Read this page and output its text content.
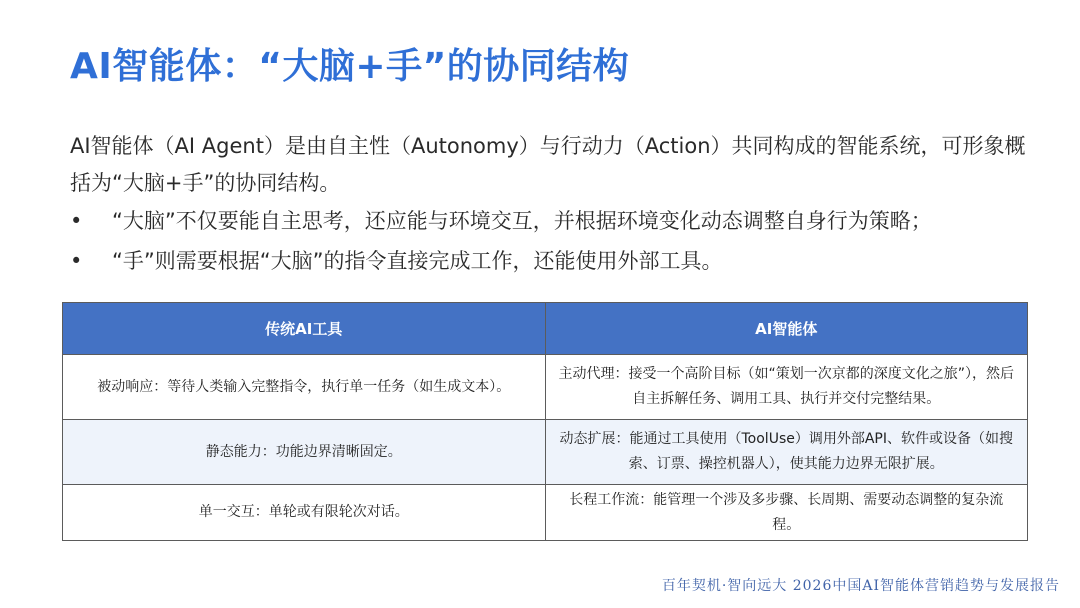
AI智能体：“大脑+手”的协同结构
AI智能体（AI Agent）是由自主性（Autonomy）与行动力（Action）共同构成的智能系统，可形象概括为“大脑+手”的协同结构。
•	“大脑”不仅要能自主思考，还应能与环境交互，并根据环境变化动态调整自身行为策略；
•	“手”则需要根据“大脑”的指令直接完成工作，还能使用外部工具。
传统AI工具	AI智能体
被动响应：等待人类输入完整指令，执行单一任务（如生成文本）。	主动代理：接受一个高阶目标（如“策划一次京都的深度文化之旅”），然后自主拆解任务、调用工具、执行并交付完整结果。
静态能力：功能边界清晰固定。	动态扩展：能通过工具使用（ToolUse）调用外部API、软件或设备（如搜索、订票、操控机器人），使其能力边界无限扩展。
单一交互：单轮或有限轮次对话。	长程工作流：能管理一个涉及多步骤、长周期、需要动态调整的复杂流程。
百年契机·智向远大 2026中国AI智能体营销趋势与发展报告
